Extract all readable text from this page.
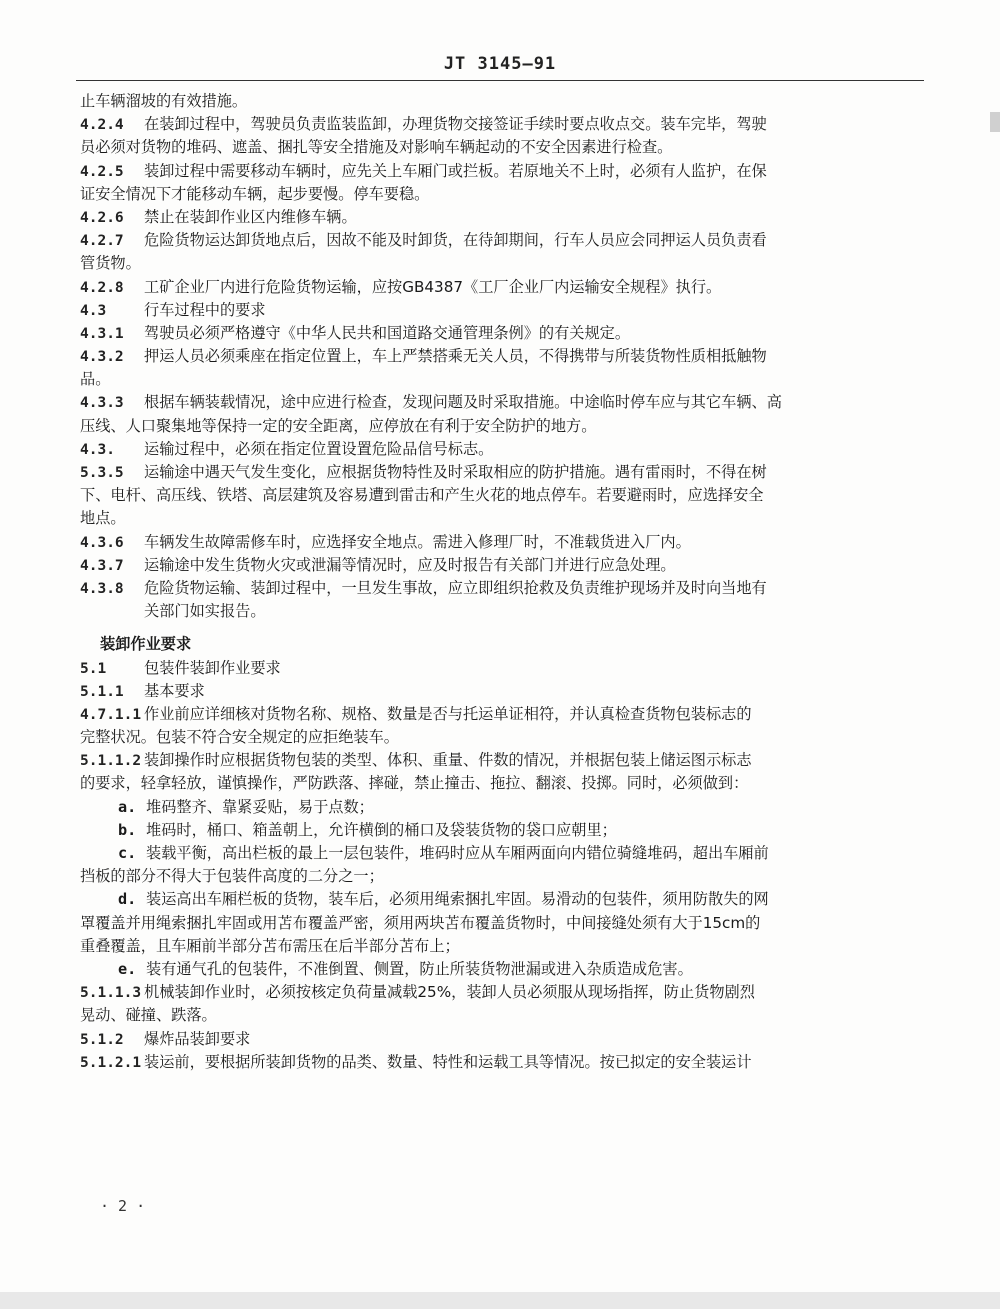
JT 3145—91
止车辆溜坡的有效措施。
4.2.4 在装卸过程中，驾驶员负责监装监卸，办理货物交接签证手续时要点收点交。装车完毕，驾驶
员必须对货物的堆码、遮盖、捆扎等安全措施及对影响车辆起动的不安全因素进行检查。
4.2.5 装卸过程中需要移动车辆时，应先关上车厢门或拦板。若原地关不上时，必须有人监护，在保
证安全情况下才能移动车辆，起步要慢。停车要稳。
4.2.6 禁止在装卸作业区内维修车辆。
4.2.7 危险货物运达卸货地点后，因故不能及时卸货，在待卸期间，行车人员应会同押运人员负责看
管货物。
4.2.8 工矿企业厂内进行危险货物运输，应按GB4387《工厂企业厂内运输安全规程》执行。
4.3 行车过程中的要求
4.3.1 驾驶员必须严格遵守《中华人民共和国道路交通管理条例》的有关规定。
4.3.2 押运人员必须乘座在指定位置上，车上严禁搭乘无关人员，不得携带与所装货物性质相抵触物
品。
4.3.3 根据车辆装载情况，途中应进行检查，发现问题及时采取措施。中途临时停车应与其它车辆、高
压线、人口聚集地等保持一定的安全距离，应停放在有利于安全防护的地方。
4.3. 运输过程中，必须在指定位置设置危险品信号标志。
5.3.5 运输途中遇天气发生变化，应根据货物特性及时采取相应的防护措施。遇有雷雨时，不得在树
下、电杆、高压线、铁塔、高层建筑及容易遭到雷击和产生火花的地点停车。若要避雨时，应选择安全
地点。
4.3.6 车辆发生故障需修车时，应选择安全地点。需进入修理厂时，不准载货进入厂内。
4.3.7 运输途中发生货物火灾或泄漏等情况时，应及时报告有关部门并进行应急处理。
4.3.8 危险货物运输、装卸过程中，一旦发生事故，应立即组织抢救及负责维护现场并及时向当地有
关部门如实报告。
装卸作业要求
5.1 包装件装卸作业要求
5.1.1 基本要求
4.7.1.1 作业前应详细核对货物名称、规格、数量是否与托运单证相符，并认真检查货物包装标志的
完整状况。包装不符合安全规定的应拒绝装车。
5.1.1.2 装卸操作时应根据货物包装的类型、体积、重量、件数的情况，并根据包装上储运图示标志
的要求，轻拿轻放，谨慎操作，严防跌落、摔碰，禁止撞击、拖拉、翻滚、投掷。同时，必须做到：
a. 堆码整齐、靠紧妥贴，易于点数；
b. 堆码时，桶口、箱盖朝上，允许横倒的桶口及袋装货物的袋口应朝里；
c. 装载平衡，高出栏板的最上一层包装件，堆码时应从车厢两面向内错位骑缝堆码，超出车厢前
挡板的部分不得大于包装件高度的二分之一；
d. 装运高出车厢栏板的货物，装车后，必须用绳索捆扎牢固。易滑动的包装件，须用防散失的网
罩覆盖并用绳索捆扎牢固或用苫布覆盖严密，须用两块苫布覆盖货物时，中间接缝处须有大于15cm的
重叠覆盖，且车厢前半部分苫布需压在后半部分苫布上；
e. 装有通气孔的包装件，不准倒置、侧置，防止所装货物泄漏或进入杂质造成危害。
5.1.1.3 机械装卸作业时，必须按核定负荷量减载25%，装卸人员必须服从现场指挥，防止货物剧烈
晃动、碰撞、跌落。
5.1.2 爆炸品装卸要求
5.1.2.1 装运前，要根据所装卸货物的品类、数量、特性和运载工具等情况。按已拟定的安全装运计
· 2 ·
